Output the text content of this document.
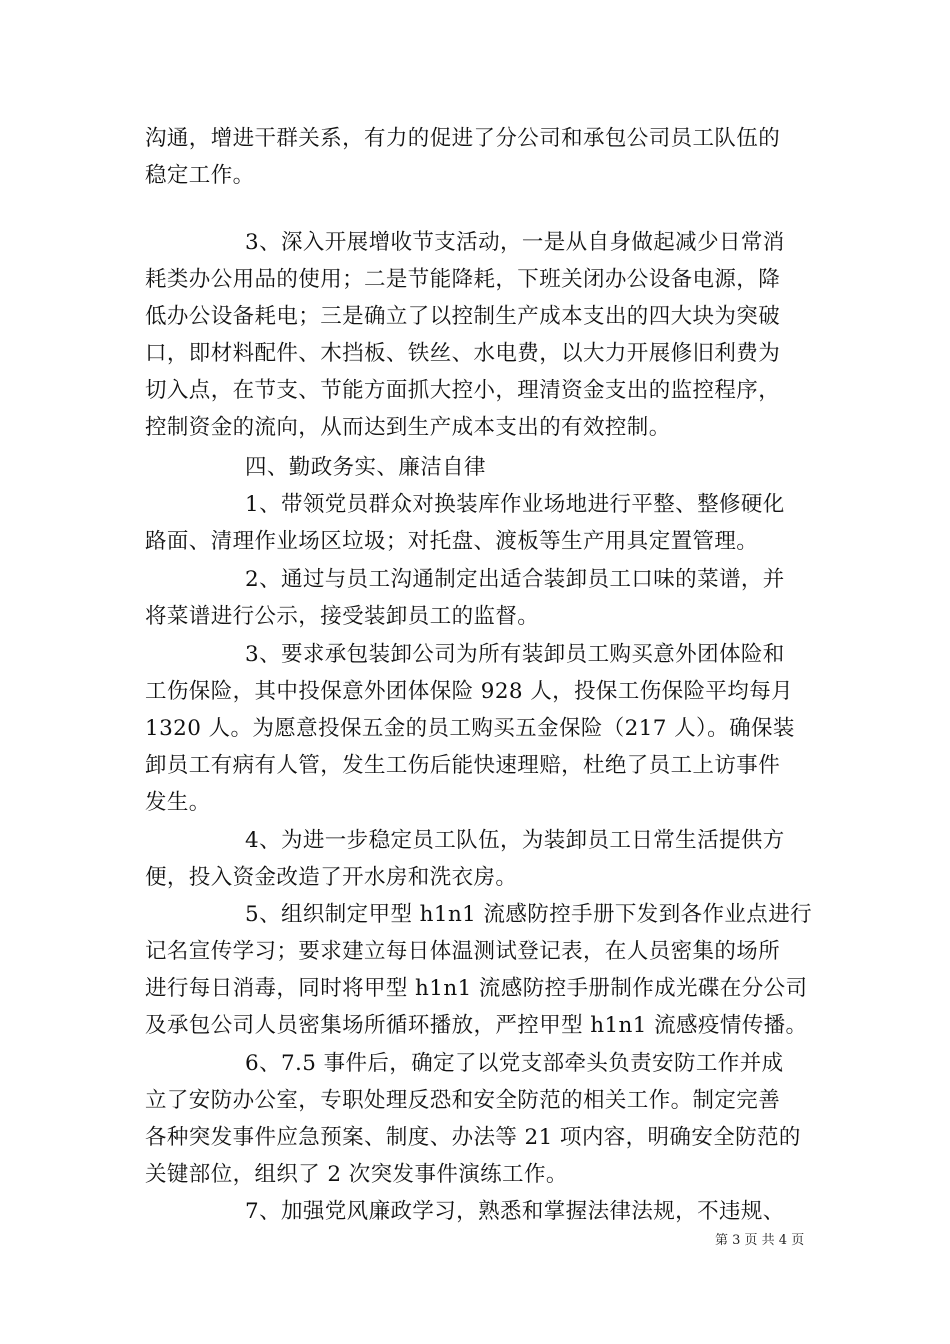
沟通，增进干群关系，有力的促进了分公司和承包公司员工队伍的
稳定工作。
3、深入开展增收节支活动，一是从自身做起减少日常消
耗类办公用品的使用；二是节能降耗，下班关闭办公设备电源，降
低办公设备耗电；三是确立了以控制生产成本支出的四大块为突破
口，即材料配件、木挡板、铁丝、水电费，以大力开展修旧利费为
切入点，在节支、节能方面抓大控小，理清资金支出的监控程序，
控制资金的流向，从而达到生产成本支出的有效控制。
四、勤政务实、廉洁自律
1、带领党员群众对换装库作业场地进行平整、整修硬化
路面、清理作业场区垃圾；对托盘、渡板等生产用具定置管理。
2、通过与员工沟通制定出适合装卸员工口味的菜谱，并
将菜谱进行公示，接受装卸员工的监督。
3、要求承包装卸公司为所有装卸员工购买意外团体险和
工伤保险，其中投保意外团体保险 928 人，投保工伤保险平均每月
1320 人。为愿意投保五金的员工购买五金保险（217 人）。确保装
卸员工有病有人管，发生工伤后能快速理赔，杜绝了员工上访事件
发生。
4、为进一步稳定员工队伍，为装卸员工日常生活提供方
便，投入资金改造了开水房和洗衣房。
5、组织制定甲型 h1n1 流感防控手册下发到各作业点进行
记名宣传学习；要求建立每日体温测试登记表，在人员密集的场所
进行每日消毒，同时将甲型 h1n1 流感防控手册制作成光碟在分公司
及承包公司人员密集场所循环播放，严控甲型 h1n1 流感疫情传播。
6、7.5 事件后，确定了以党支部牵头负责安防工作并成
立了安防办公室，专职处理反恐和安全防范的相关工作。制定完善
各种突发事件应急预案、制度、办法等 21 项内容，明确安全防范的
关键部位，组织了 2 次突发事件演练工作。
7、加强党风廉政学习，熟悉和掌握法律法规，不违规、
第 3 页 共 4 页
